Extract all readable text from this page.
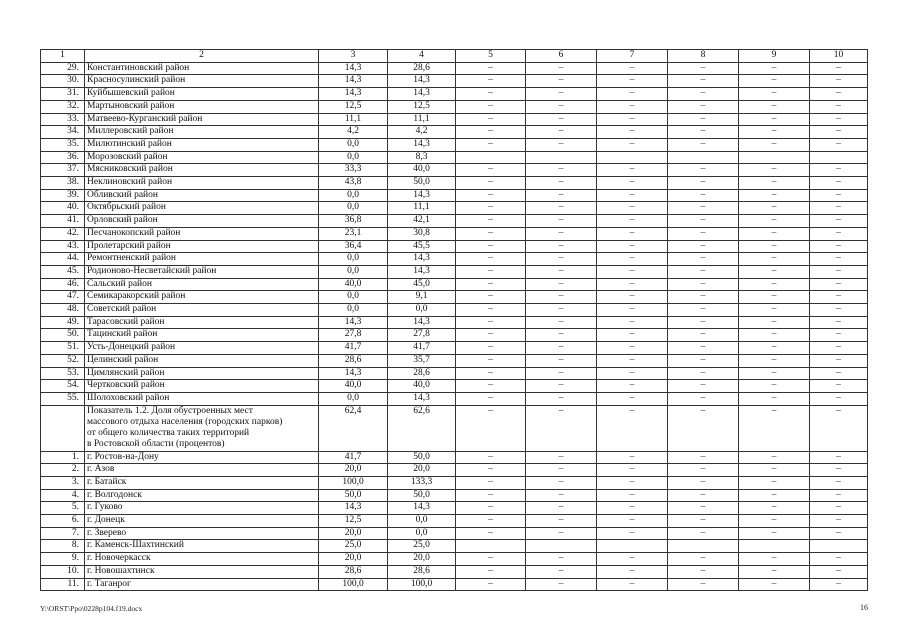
1	2	3	4	5	6	7	8	9	10
29.	Константиновский район	14,3	28,6	–	–	–	–	–	–
30.	Красносулинский район	14,3	14,3	–	–	–	–	–	–
31.	Куйбышевский район	14,3	14,3	–	–	–	–	–	–
32.	Мартыновский район	12,5	12,5	–	–	–	–	–	–
33.	Матвеево-Курганский район	11,1	11,1	–	–	–	–	–	–
34.	Миллеровский район	4,2	4,2	–	–	–	–	–	–
35.	Милютинский район	0,0	14,3	–	–	–	–	–	–
36.	Морозовский район	0,0	8,3						
37.	Мясниковский район	33,3	40,0	–	–	–	–	–	–
38.	Неклиновский район	43,8	50,0	–	–	–	–	–	–
39.	Обливский район	0,0	14,3	–	–	–	–	–	–
40.	Октябрьский район	0,0	11,1	–	–	–	–	–	–
41.	Орловский район	36,8	42,1	–	–	–	–	–	–
42.	Песчанокопский район	23,1	30,8	–	–	–	–	–	–
43.	Пролетарский район	36,4	45,5	–	–	–	–	–	–
44.	Ремонтненский район	0,0	14,3	–	–	–	–	–	–
45.	Родионово-Несветайский район	0,0	14,3	–	–	–	–	–	–
46.	Сальский район	40,0	45,0	–	–	–	–	–	–
47.	Семикаракорский район	0,0	9,1	–	–	–	–	–	–
48.	Советский район	0,0	0,0	–	–	–	–	–	–
49.	Тарасовский район	14,3	14,3	–	–	–	–	–	–
50.	Тацинский район	27,8	27,8	–	–	–	–	–	–
51.	Усть-Донецкий район	41,7	41,7	–	–	–	–	–	–
52.	Целинский район	28,6	35,7	–	–	–	–	–	–
53.	Цимлянский район	14,3	28,6	–	–	–	–	–	–
54.	Чертковский район	40,0	40,0	–	–	–	–	–	–
55.	Шолоховский район	0,0	14,3	–	–	–	–	–	–

	Показатель 1.2. Доля обустроенных мест
массового отдыха населения (городских парков)
от общего количества таких территорий
в Ростовской области (процентов)	62,4	62,6	–	–	–	–	–	–
1.	г. Ростов-на-Дону	41,7	50,0	–	–	–	–	–	–
2.	г. Азов	20,0	20,0	–	–	–	–	–	–
3.	г. Батайск	100,0	133,3	–	–	–	–	–	–
4.	г. Волгодонск	50,0	50,0	–	–	–	–	–	–
5.	г. Гуково	14,3	14,3	–	–	–	–	–	–
6.	г. Донецк	12,5	0,0	–	–	–	–	–	–
7.	г. Зверево	20,0	0,0	–	–	–	–	–	–
8.	г. Каменск-Шахтинский	25,0	25,0						
9.	г. Новочеркасск	20,0	20,0	–	–	–	–	–	–
10.	г. Новошахтинск	28,6	28,6	–	–	–	–	–	–
11.	г. Таганрог	100,0	100,0	–	–	–	–	–	–
Y:\ORST\Ppo\0228p104.f19.docx	16
